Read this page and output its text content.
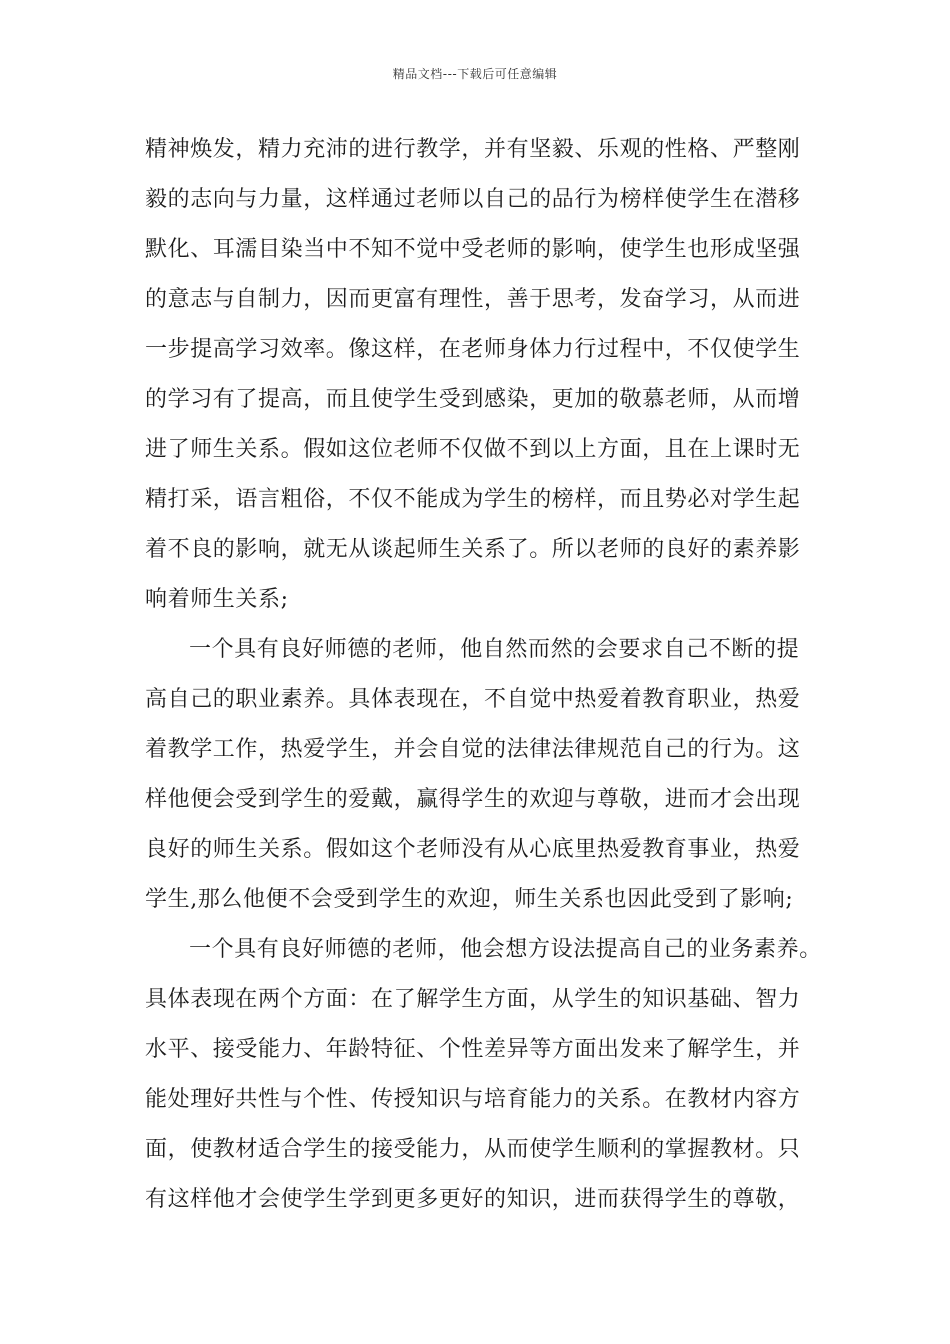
精品文档---下载后可任意编辑
精神焕发，精力充沛的进行教学，并有坚毅、乐观的性格、严整刚
毅的志向与力量，这样通过老师以自己的品行为榜样使学生在潜移
默化、耳濡目染当中不知不觉中受老师的影响，使学生也形成坚强
的意志与自制力，因而更富有理性，善于思考，发奋学习，从而进
一步提高学习效率。像这样，在老师身体力行过程中，不仅使学生
的学习有了提高，而且使学生受到感染，更加的敬慕老师，从而增
进了师生关系。假如这位老师不仅做不到以上方面，且在上课时无
精打采，语言粗俗，不仅不能成为学生的榜样，而且势必对学生起
着不良的影响，就无从谈起师生关系了。所以老师的良好的素养影
响着师生关系;
一个具有良好师德的老师，他自然而然的会要求自己不断的提
高自己的职业素养。具体表现在，不自觉中热爱着教育职业，热爱
着教学工作，热爱学生，并会自觉的法律法律规范自己的行为。这
样他便会受到学生的爱戴，赢得学生的欢迎与尊敬，进而才会出现
良好的师生关系。假如这个老师没有从心底里热爱教育事业，热爱
学生,那么他便不会受到学生的欢迎，师生关系也因此受到了影响;
一个具有良好师德的老师，他会想方设法提高自己的业务素养。
具体表现在两个方面：在了解学生方面，从学生的知识基础、智力
水平、接受能力、年龄特征、个性差异等方面出发来了解学生，并
能处理好共性与个性、传授知识与培育能力的关系。在教材内容方
面，使教材适合学生的接受能力，从而使学生顺利的掌握教材。只
有这样他才会使学生学到更多更好的知识，进而获得学生的尊敬，
